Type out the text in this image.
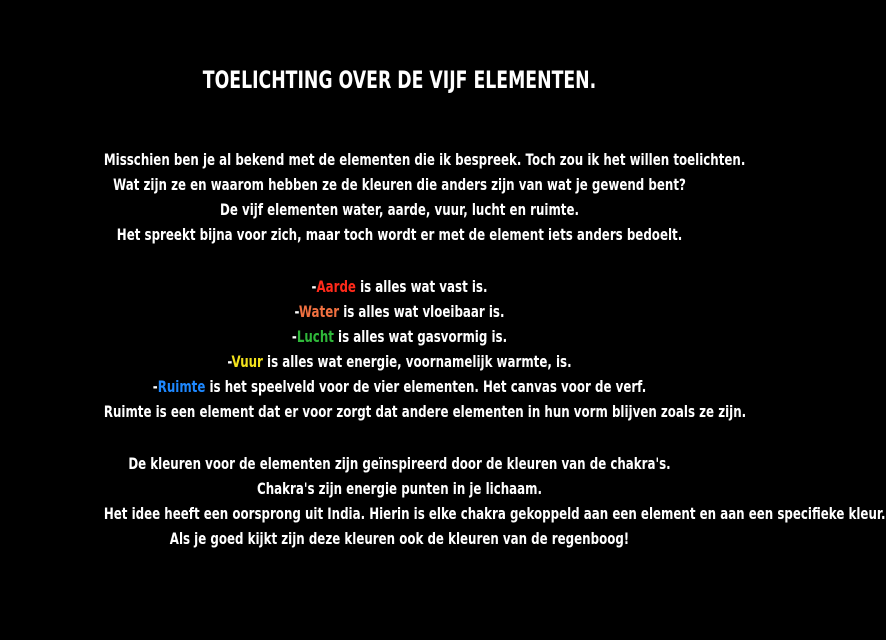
TOELICHTING OVER DE VIJF ELEMENTEN.
Misschien ben je al bekend met de elementen die ik bespreek. Toch zou ik het willen toelichten.
Wat zijn ze en waarom hebben ze de kleuren die anders zijn van wat je gewend bent?
De vijf elementen water, aarde, vuur, lucht en ruimte.
Het spreekt bijna voor zich, maar toch wordt er met de element iets anders bedoelt.
-Aarde is alles wat vast is.
-Water is alles wat vloeibaar is.
-Lucht is alles wat gasvormig is.
-Vuur is alles wat energie, voornamelijk warmte, is.
-Ruimte is het speelveld voor de vier elementen. Het canvas voor de verf.
Ruimte is een element dat er voor zorgt dat andere elementen in hun vorm blijven zoals ze zijn.
De kleuren voor de elementen zijn geïnspireerd door de kleuren van de chakra's.
Chakra's zijn energie punten in je lichaam.
Het idee heeft een oorsprong uit India. Hierin is elke chakra gekoppeld aan een element en aan een specifieke kleur.
Als je goed kijkt zijn deze kleuren ook de kleuren van de regenboog!
